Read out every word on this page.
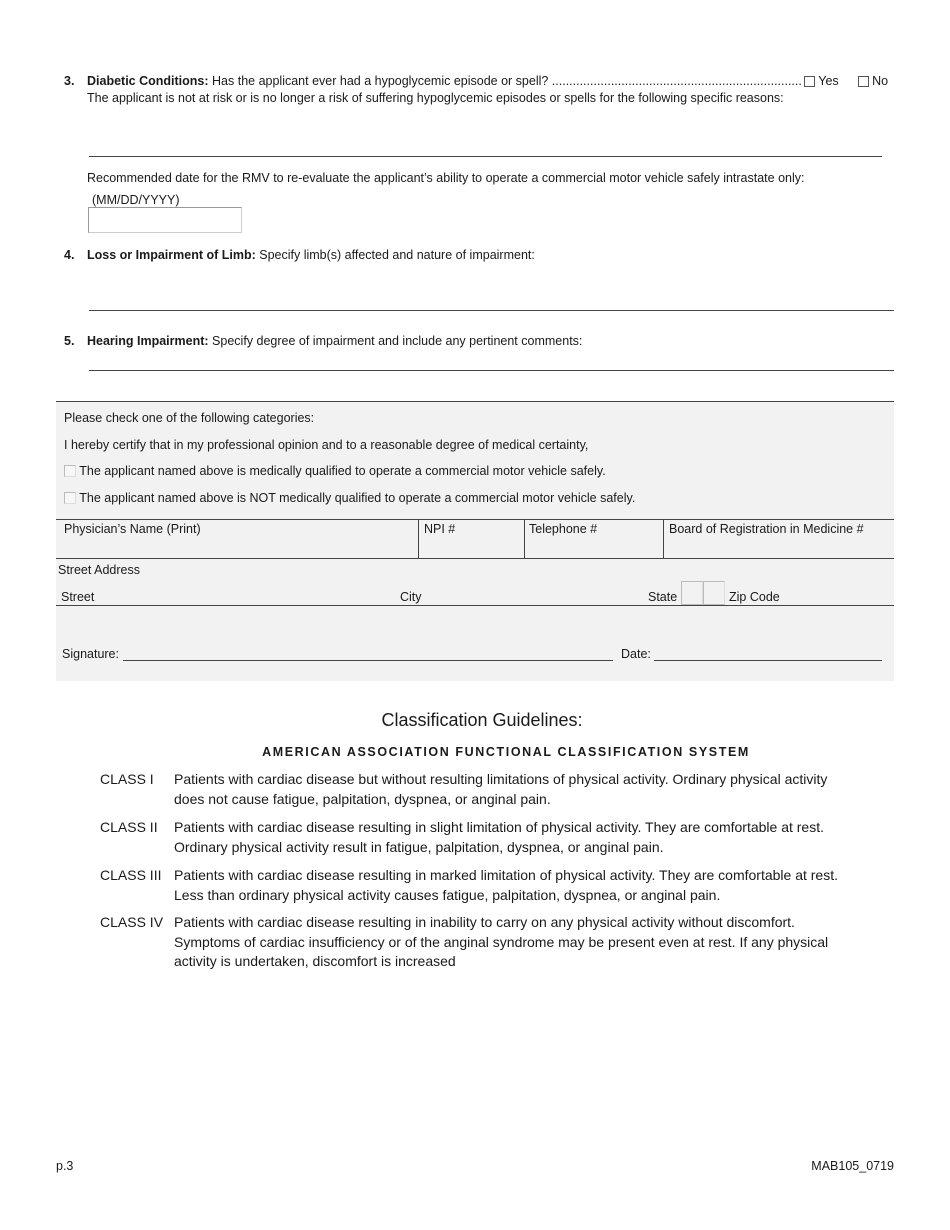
3. Diabetic Conditions: Has the applicant ever had a hypoglycemic episode or spell? ........................................................................	Yes	No
The applicant is not at risk or is no longer a risk of suffering hypoglycemic episodes or spells for the following specific reasons:
Recommended date for the RMV to re-evaluate the applicant’s ability to operate a commercial motor vehicle safely intrastate only:
(MM/DD/YYYY)
4. Loss or Impairment of Limb: Specify limb(s) affected and nature of impairment:
5. Hearing Impairment: Specify degree of impairment and include any pertinent comments:
Please check one of the following categories:
I hereby certify that in my professional opinion and to a reasonable degree of medical certainty,
The applicant named above is medically qualified to operate a commercial motor vehicle safely.
The applicant named above is NOT medically qualified to operate a commercial motor vehicle safely.
Physician’s Name (Print)	NPI #	Telephone #	Board of Registration in Medicine #
Street Address
Street	City	State	Zip Code
Signature:	Date:
Classification Guidelines:
AMERICAN ASSOCIATION FUNCTIONAL CLASSIFICATION SYSTEM
CLASS I Patients with cardiac disease but without resulting limitations of physical activity. Ordinary physical activity does not cause fatigue, palpitation, dyspnea, or anginal pain.
CLASS II Patients with cardiac disease resulting in slight limitation of physical activity. They are comfortable at rest. Ordinary physical activity result in fatigue, palpitation, dyspnea, or anginal pain.
CLASS III Patients with cardiac disease resulting in marked limitation of physical activity. They are comfortable at rest. Less than ordinary physical activity causes fatigue, palpitation, dyspnea, or anginal pain.
CLASS IV Patients with cardiac disease resulting in inability to carry on any physical activity without discomfort. Symptoms of cardiac insufficiency or of the anginal syndrome may be present even at rest. If any physical activity is undertaken, discomfort is increased
p.3	MAB105_0719
